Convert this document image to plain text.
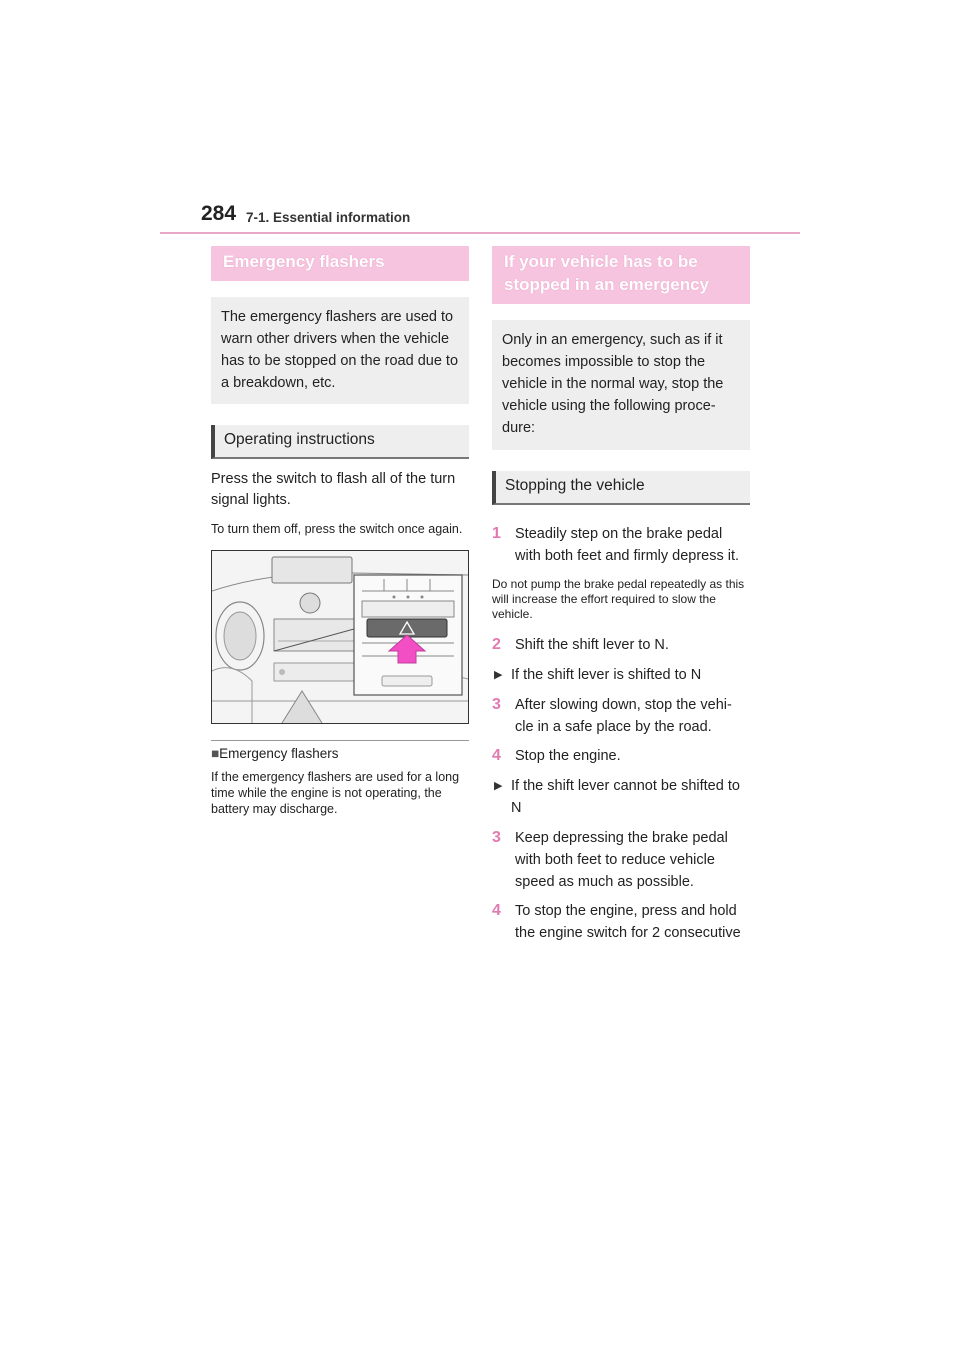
284 7-1. Essential information
Emergency flashers
The emergency flashers are used to warn other drivers when the vehicle has to be stopped on the road due to a breakdown, etc.
Operating instructions
Press the switch to flash all of the turn signal lights.
To turn them off, press the switch once again.
■Emergency flashers
If the emergency flashers are used for a long time while the engine is not operating, the battery may discharge.
If your vehicle has to be stopped in an emergency
Only in an emergency, such as if it becomes impossible to stop the vehicle in the normal way, stop the vehicle using the following proce-dure:
Stopping the vehicle
1 Steadily step on the brake pedal with both feet and firmly depress it.
Do not pump the brake pedal repeatedly as this will increase the effort required to slow the vehicle.
2 Shift the shift lever to N.
▶ If the shift lever is shifted to N
3 After slowing down, stop the vehi-cle in a safe place by the road.
4 Stop the engine.
▶ If the shift lever cannot be shifted to N
3 Keep depressing the brake pedal with both feet to reduce vehicle speed as much as possible.
4 To stop the engine, press and hold the engine switch for 2 consecutive
